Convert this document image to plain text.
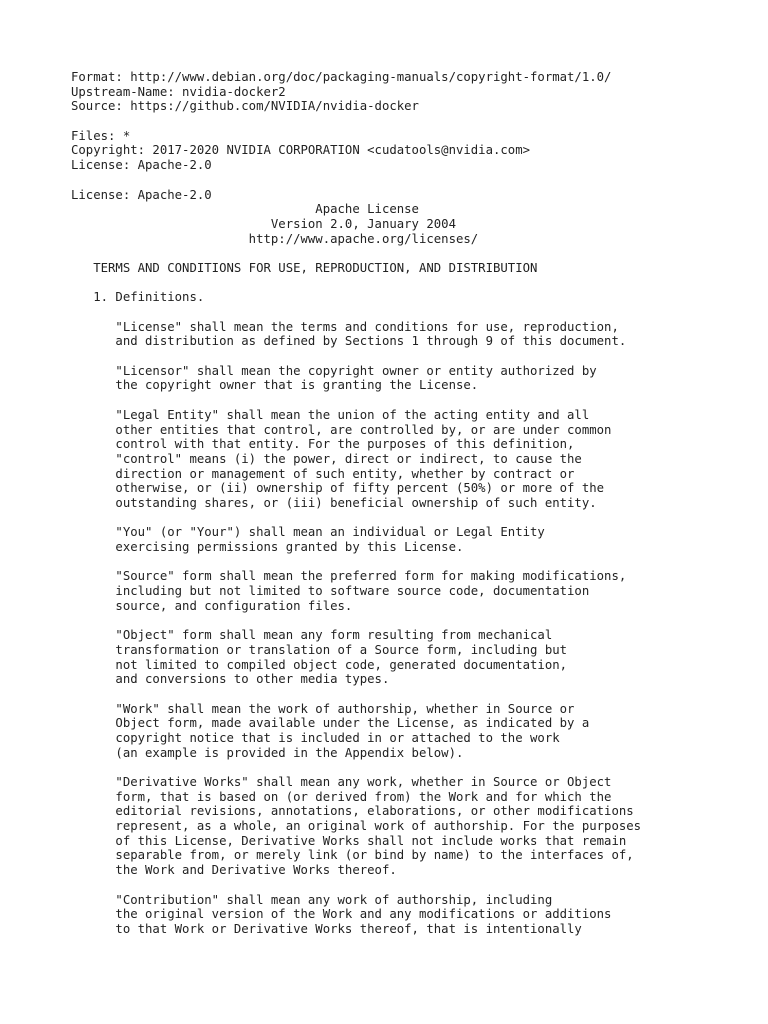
Format: http://www.debian.org/doc/packaging-manuals/copyright-format/1.0/
Upstream-Name: nvidia-docker2
Source: https://github.com/NVIDIA/nvidia-docker

Files: *
Copyright: 2017-2020 NVIDIA CORPORATION <cudatools@nvidia.com>
License: Apache-2.0

License: Apache-2.0
Apache License
Version 2.0, January 2004
http://www.apache.org/licenses/

TERMS AND CONDITIONS FOR USE, REPRODUCTION, AND DISTRIBUTION

1. Definitions.

"License" shall mean the terms and conditions for use, reproduction,
and distribution as defined by Sections 1 through 9 of this document.

"Licensor" shall mean the copyright owner or entity authorized by
the copyright owner that is granting the License.

"Legal Entity" shall mean the union of the acting entity and all
other entities that control, are controlled by, or are under common
control with that entity. For the purposes of this definition,
"control" means (i) the power, direct or indirect, to cause the
direction or management of such entity, whether by contract or
otherwise, or (ii) ownership of fifty percent (50%) or more of the
outstanding shares, or (iii) beneficial ownership of such entity.

"You" (or "Your") shall mean an individual or Legal Entity
exercising permissions granted by this License.

"Source" form shall mean the preferred form for making modifications,
including but not limited to software source code, documentation
source, and configuration files.

"Object" form shall mean any form resulting from mechanical
transformation or translation of a Source form, including but
not limited to compiled object code, generated documentation,
and conversions to other media types.

"Work" shall mean the work of authorship, whether in Source or
Object form, made available under the License, as indicated by a
copyright notice that is included in or attached to the work
(an example is provided in the Appendix below).

"Derivative Works" shall mean any work, whether in Source or Object
form, that is based on (or derived from) the Work and for which the
editorial revisions, annotations, elaborations, or other modifications
represent, as a whole, an original work of authorship. For the purposes
of this License, Derivative Works shall not include works that remain
separable from, or merely link (or bind by name) to the interfaces of,
the Work and Derivative Works thereof.

"Contribution" shall mean any work of authorship, including
the original version of the Work and any modifications or additions
to that Work or Derivative Works thereof, that is intentionally
